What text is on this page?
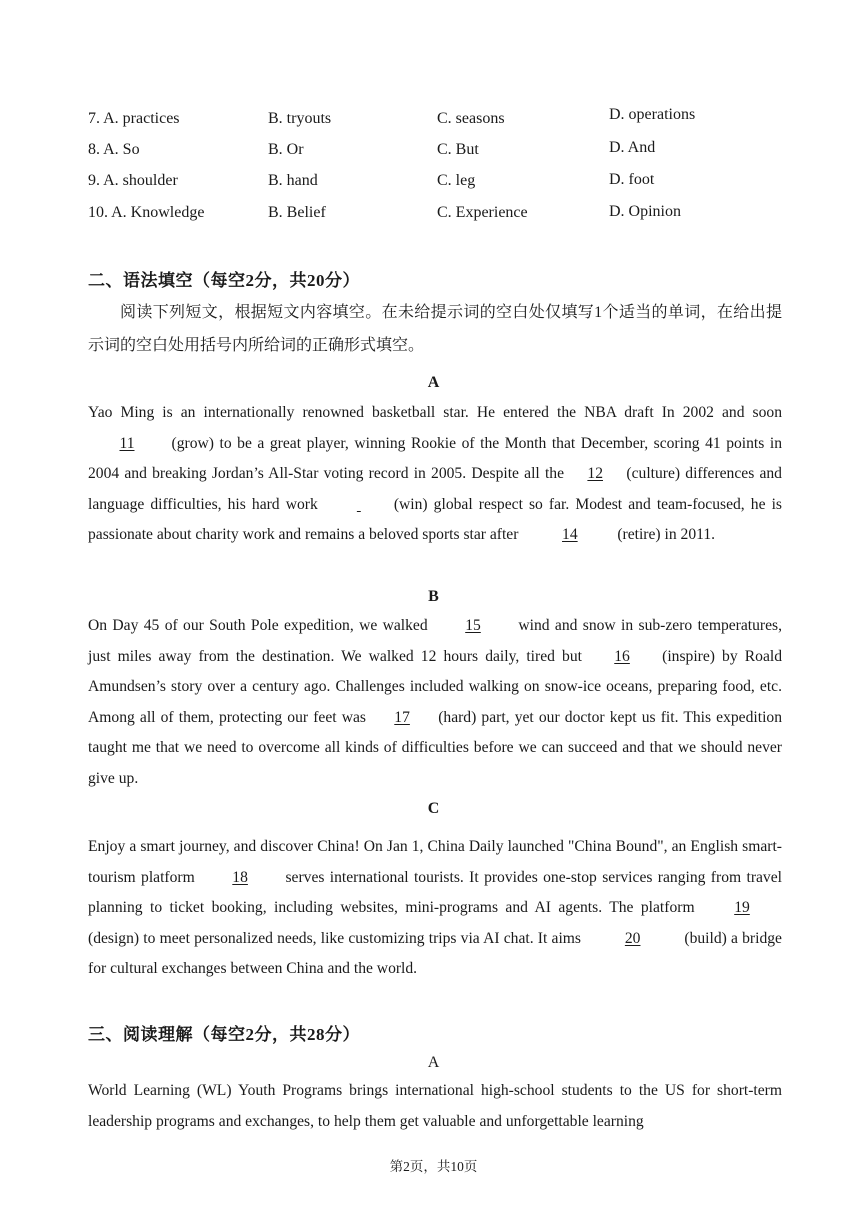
7. A. practices	B. tryouts	C. seasons	D. operations
8. A. So	B. Or	C. But	D. And
9. A. shoulder	B. hand	C. leg	D. foot
10. A. Knowledge	B. Belief	C. Experience	D. Opinion
二、语法填空（每空2分，共20分）
阅读下列短文，根据短文内容填空。在未给提示词的空白处仅填写1个适当的单词，在给出提示词的空白处用括号内所给词的正确形式填空。
A
Yao Ming is an internationally renowned basketball star. He entered the NBA draft In 2002 and soon 11 (grow) to be a great player, winning Rookie of the Month that December, scoring 41 points in 2004 and breaking Jordan’s All-Star voting record in 2005. Despite all the 12 (culture) differences and language difficulties, his hard work	(win) global respect so far. Modest and team-focused, he is passionate about charity work and remains a beloved sports star after	14	(retire) in 2011.
B
On Day 45 of our South Pole expedition, we walked 15 wind and snow in sub-zero temperatures, just miles away from the destination. We walked 12 hours daily, tired but 16 (inspire) by Roald Amundsen’s story over a century ago. Challenges included walking on snow-ice oceans, preparing food, etc. Among all of them, protecting our feet was 17 (hard) part, yet our doctor kept us fit. This expedition taught me that we need to overcome all kinds of difficulties before we can succeed and that we should never give up.
C
Enjoy a smart journey, and discover China! On Jan 1, China Daily launched "China Bound", an English smart-tourism platform 18 serves international tourists. It provides one-stop services ranging from travel planning to ticket booking, including websites, mini-programs and AI agents. The platform 19 (design) to meet personalized needs, like customizing trips via AI chat. It aims	20	(build) a bridge for cultural exchanges between China and the world.
三、阅读理解（每空2分，共28分）
A
World Learning (WL) Youth Programs brings international high-school students to the US for short-term leadership programs and exchanges, to help them get valuable and unforgettable learning
第2页，共10页
